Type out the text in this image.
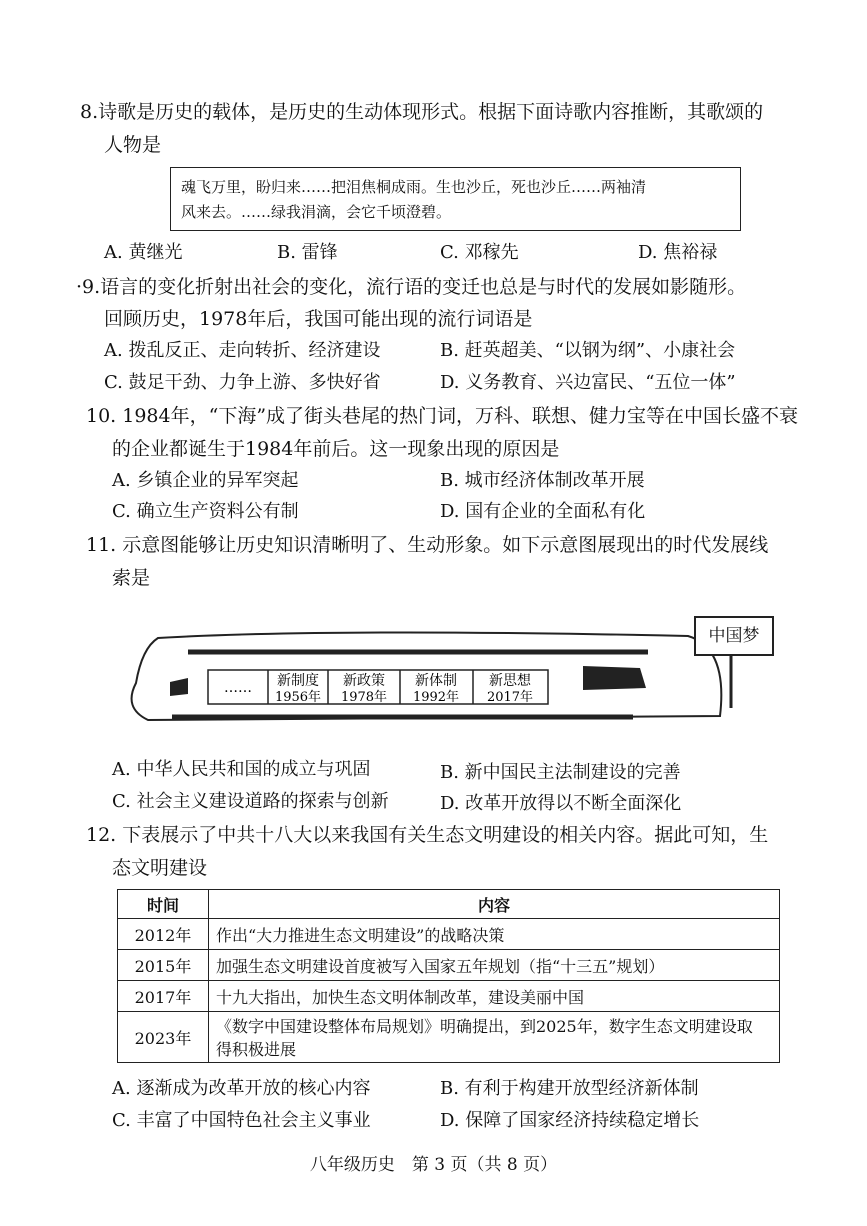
8.诗歌是历史的载体，是历史的生动体现形式。根据下面诗歌内容推断，其歌颂的
人物是
魂飞万里，盼归来……把泪焦桐成雨。生也沙丘，死也沙丘……两袖清
风来去。……绿我涓滴，会它千顷澄碧。
A. 黄继光	B. 雷锋	C. 邓稼先	D. 焦裕禄
·9.语言的变化折射出社会的变化，流行语的变迁也总是与时代的发展如影随形。
回顾历史，1978年后，我国可能出现的流行词语是
A. 拨乱反正、走向转折、经济建设	B. 赶英超美、“以钢为纲”、小康社会
C. 鼓足干劲、力争上游、多快好省	D. 义务教育、兴边富民、“五位一体”
10. 1984年，“下海”成了街头巷尾的热门词，万科、联想、健力宝等在中国长盛不衰
的企业都诞生于1984年前后。这一现象出现的原因是
A. 乡镇企业的异军突起	B. 城市经济体制改革开展
C. 确立生产资料公有制	D. 国有企业的全面私有化
11. 示意图能够让历史知识清晰明了、生动形象。如下示意图展现出的时代发展线
索是
…… 新制度
1956年
新政策
1978年
新体制
1992年
新思想
2017年
中国梦
A. 中华人民共和国的成立与巩固	B. 新中国民主法制建设的完善
C. 社会主义建设道路的探索与创新	D. 改革开放得以不断全面深化
12. 下表展示了中共十八大以来我国有关生态文明建设的相关内容。据此可知，生
态文明建设
时间	内容
2012年	作出“大力推进生态文明建设”的战略决策
2015年	加强生态文明建设首度被写入国家五年规划（指“十三五”规划）
2017年	十九大指出，加快生态文明体制改革，建设美丽中国
2023年	《数字中国建设整体布局规划》明确提出，到2025年，数字生态文明建设取
得积极进展
A. 逐渐成为改革开放的核心内容	B. 有利于构建开放型经济新体制
C. 丰富了中国特色社会主义事业	D. 保障了国家经济持续稳定增长
八年级历史　第 3 页（共 8 页）
